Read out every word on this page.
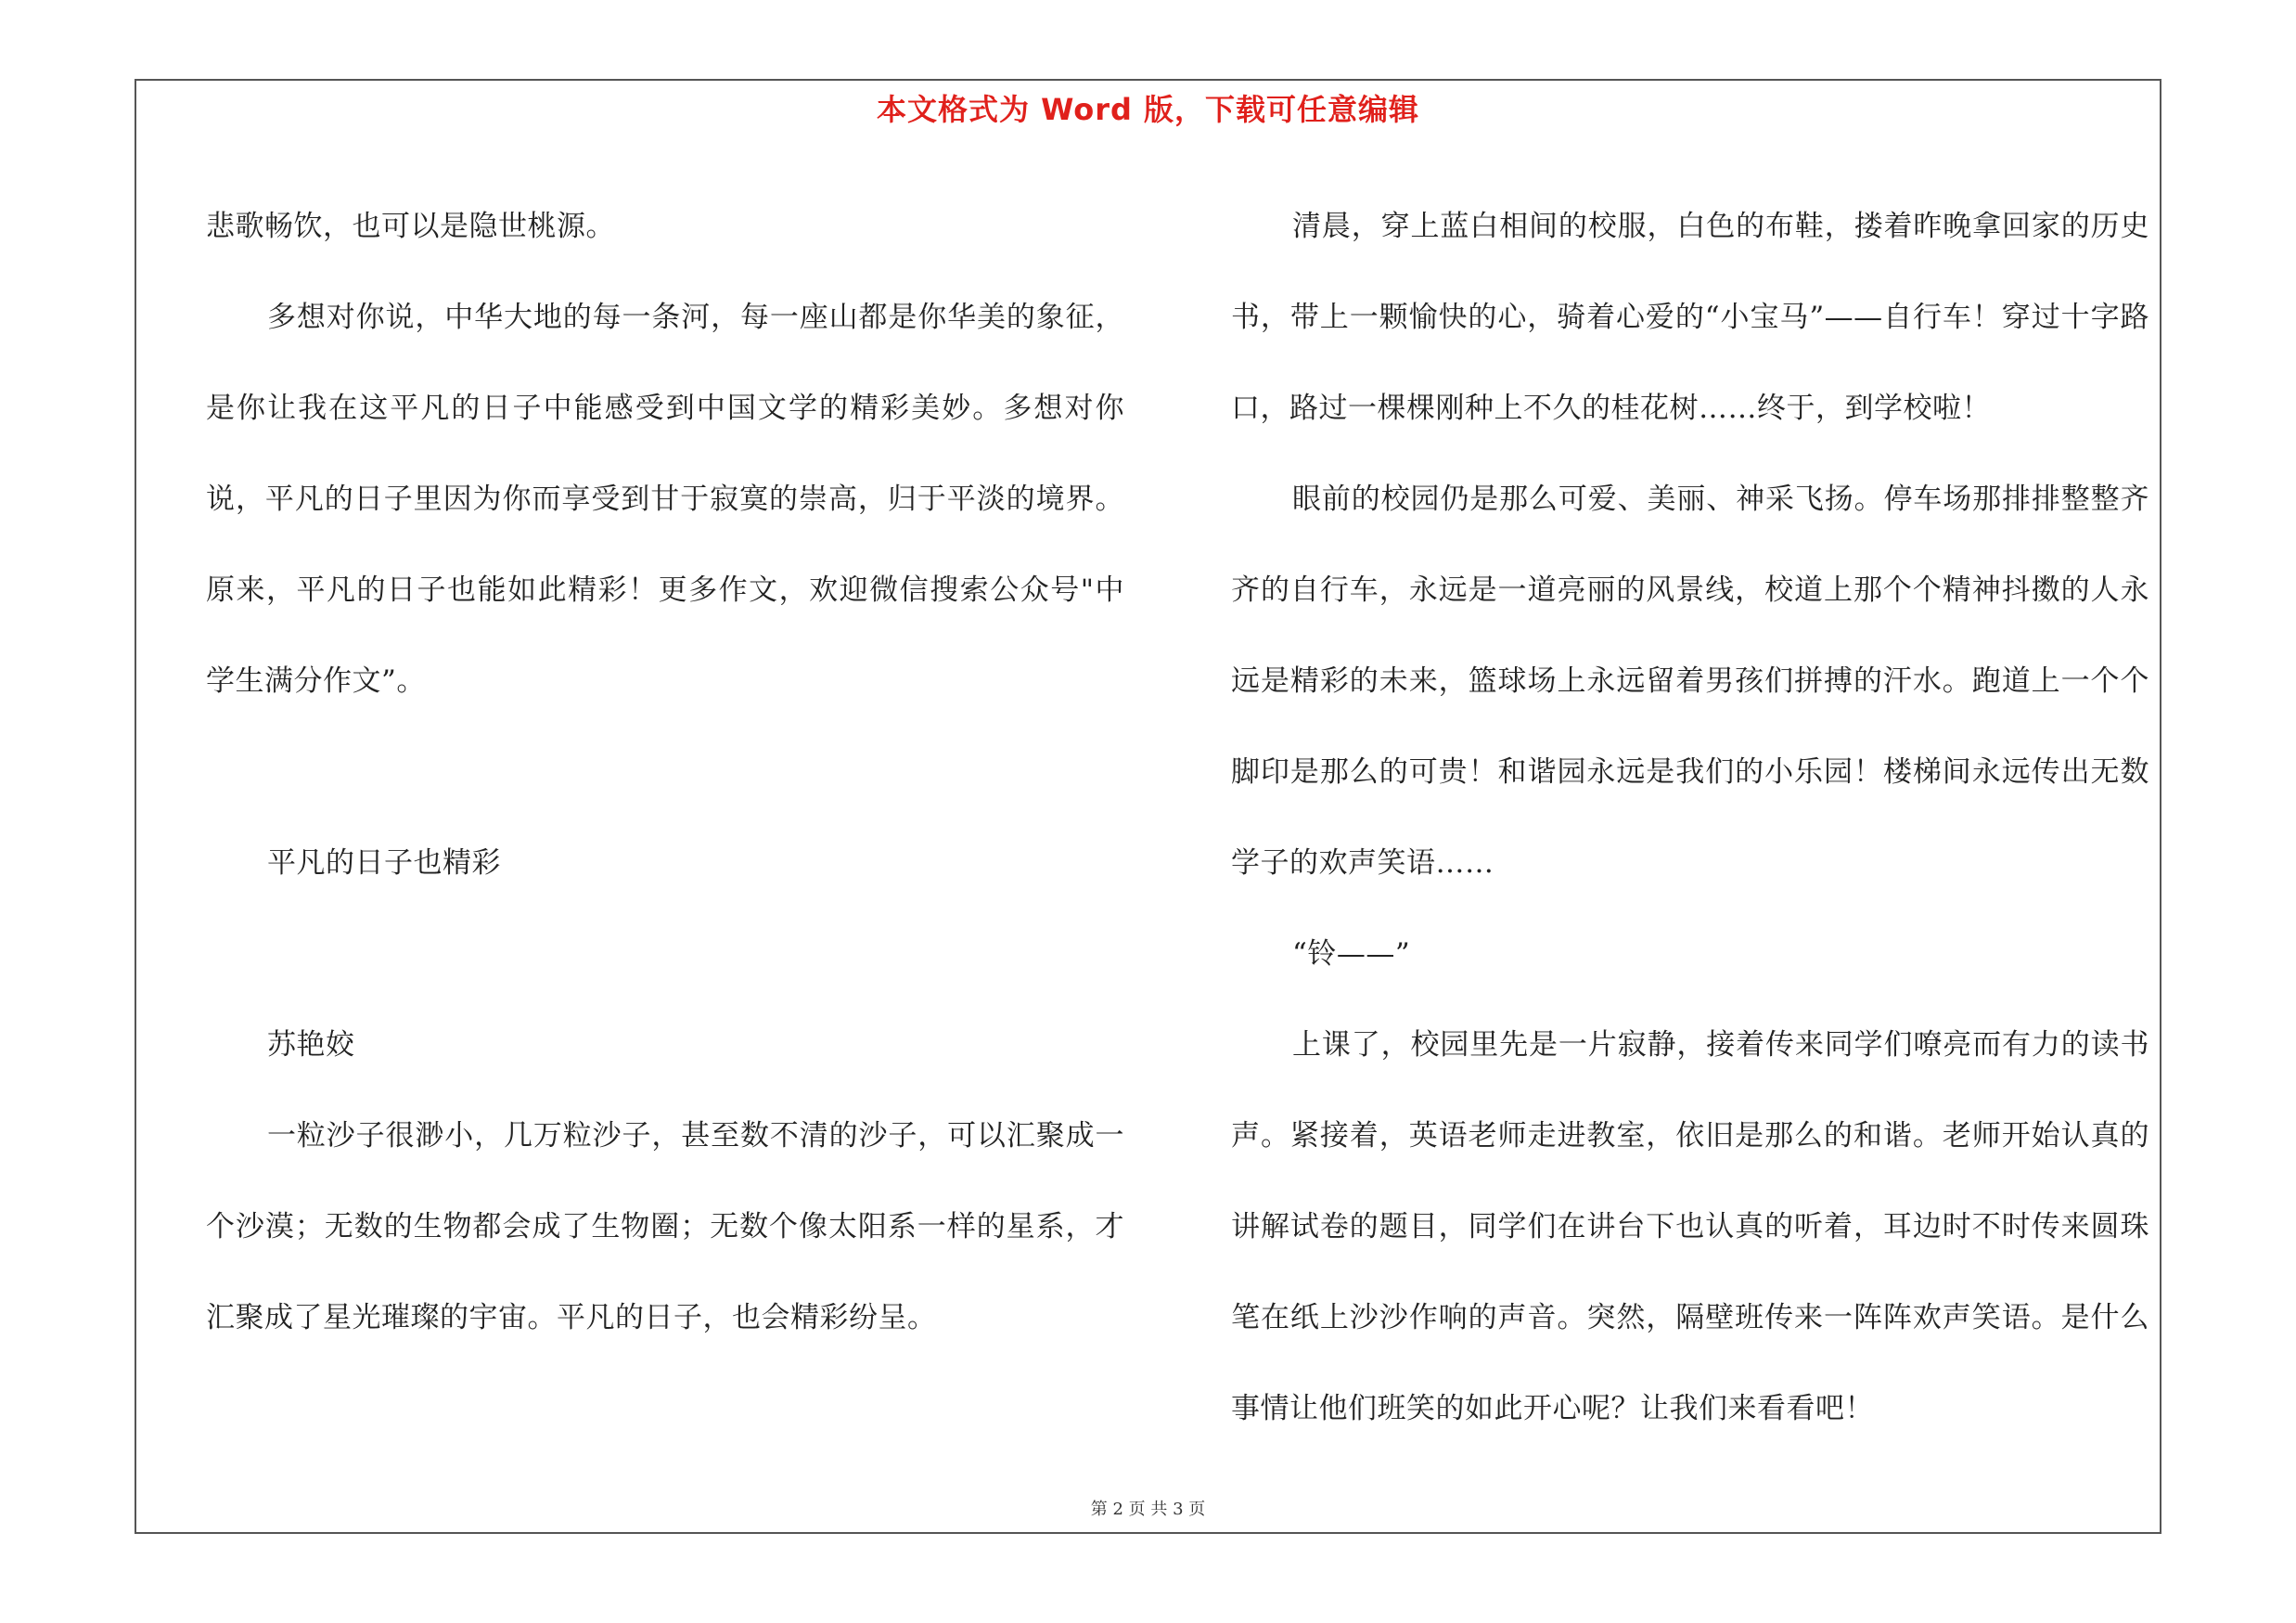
本文格式为 Word 版，下载可任意编辑

悲歌畅饮，也可以是隐世桃源。

多想对你说，中华大地的每一条河，每一座山都是你华美的象征，是你让我在这平凡的日子中能感受到中国文学的精彩美妙。多想对你说，平凡的日子里因为你而享受到甘于寂寞的崇高，归于平淡的境界。原来，平凡的日子也能如此精彩！更多作文，欢迎微信搜索公众号"中学生满分作文”。

平凡的日子也精彩

苏艳姣

一粒沙子很渺小，几万粒沙子，甚至数不清的沙子，可以汇聚成一个沙漠；无数的生物都会成了生物圈；无数个像太阳系一样的星系，才汇聚成了星光璀璨的宇宙。平凡的日子，也会精彩纷呈。

清晨，穿上蓝白相间的校服，白色的布鞋，搂着昨晚拿回家的历史书，带上一颗愉快的心，骑着心爱的“小宝马”——自行车！穿过十字路口，路过一棵棵刚种上不久的桂花树……终于，到学校啦！

眼前的校园仍是那么可爱、美丽、神采飞扬。停车场那排排整整齐齐的自行车，永远是一道亮丽的风景线，校道上那个个精神抖擞的人永远是精彩的未来，篮球场上永远留着男孩们拼搏的汗水。跑道上一个个脚印是那么的可贵！和谐园永远是我们的小乐园！楼梯间永远传出无数学子的欢声笑语……

“铃——”

上课了，校园里先是一片寂静，接着传来同学们嘹亮而有力的读书声。紧接着，英语老师走进教室，依旧是那么的和谐。老师开始认真的讲解试卷的题目，同学们在讲台下也认真的听着，耳边时不时传来圆珠笔在纸上沙沙作响的声音。突然，隔壁班传来一阵阵欢声笑语。是什么事情让他们班笑的如此开心呢？让我们来看看吧！

第 2 页 共 3 页
